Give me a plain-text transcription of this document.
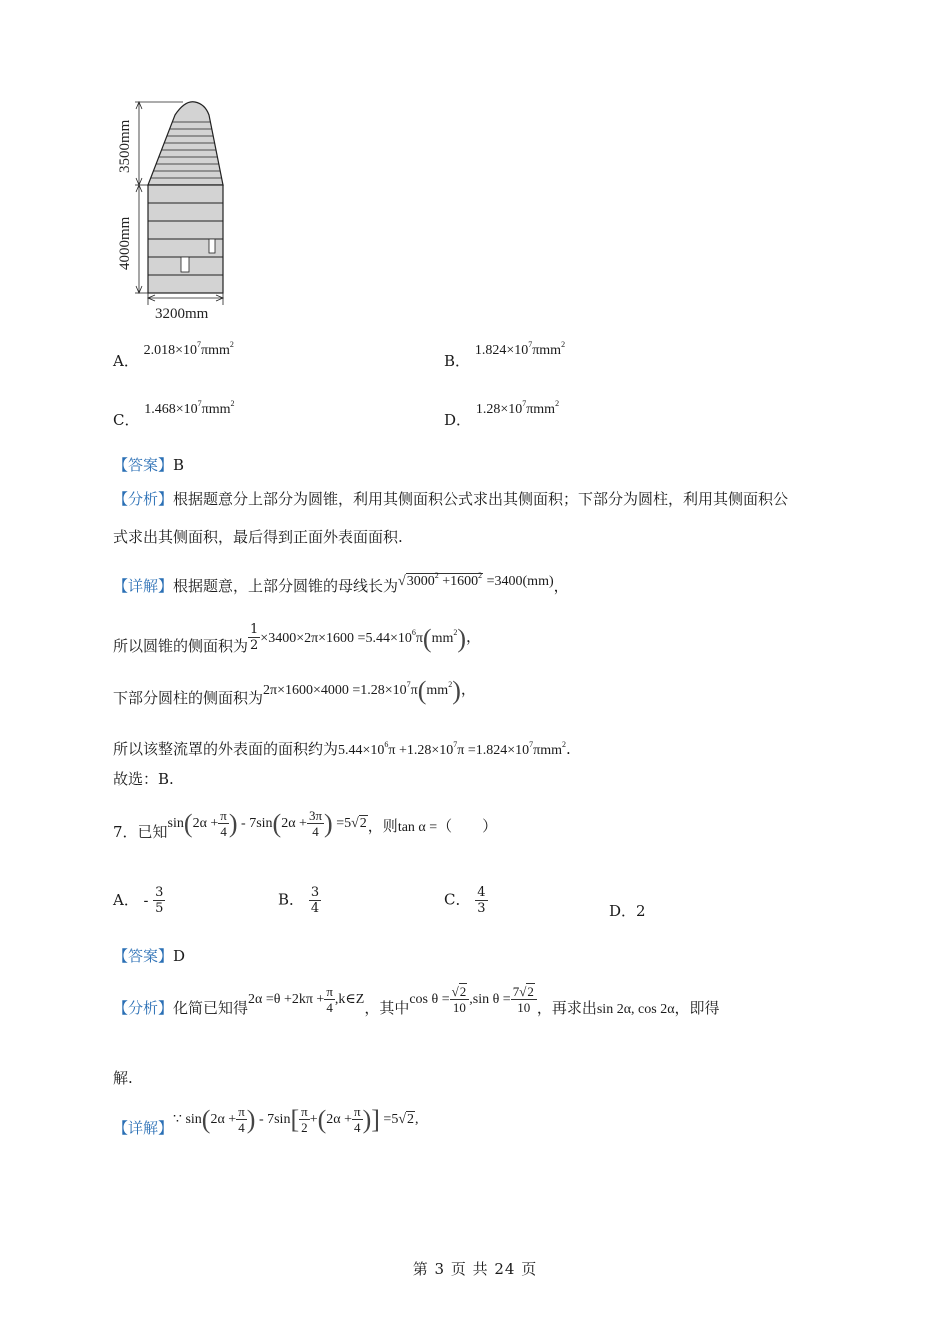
3500mm
4000mm
3200mm
A． $2.018\times 10^7\pi mm^2$
B． $1.824\times 10^7\pi mm^2$
C． $1.468\times 10^7\pi mm^2$
D． $1.28\times 10^7\pi mm^2$
【答案】B
【分析】根据题意分上部分为圆锥，利用其侧面积公式求出其侧面积；下部分为圆柱，利用其侧面积公
式求出其侧面积，最后得到正面外表面面积.
【详解】根据题意，上部分圆锥的母线长为$√3000^2 +1600^2 =3400(mm)$，
所以圆锥的侧面积为 $\frac{1}{2} \times 3400\times 2\pi\times 1600 =5.44\times 10^6\pi(mm^2)$，
下部分圆柱的侧面积为$2\pi\times 1600\times 4000 =1.28\times 10^7\pi(mm^2)$，
所以该整流罩的外表面的面积约为$5.44\times 10^6\pi +1.28\times 10^7\pi =1.824\times 10^7\pi mm^2$.
故选：B.
7．已知$\sin(2\alpha + \frac{\pi}{4}$ ) - $7\sin(2\alpha + \frac{3\pi}{4}$ ) =5√2，则tan α =（　　）
A． - $\frac{3}{5}$	B． $\frac{3}{4}$	C． $\frac{4}{3}$	D．2
【答案】D
【分析】化简已知得$2\alpha =\theta +2k\pi + \frac{\pi}{4}$ ,k∈Z，其中$\cos \theta = \frac{√2}{10} ,\sin$ $\theta = \frac{7√2}{10}$ ，再求出sin 2α, cos 2α，即得
解.
【详解】∵ $\sin(2\alpha + \frac{\pi}{4}$ ) - $7\sin[ \frac{\pi}{2} +(2\alpha + \frac{\pi}{4}$ )] =5√2,
第 3 页 共 24 页
